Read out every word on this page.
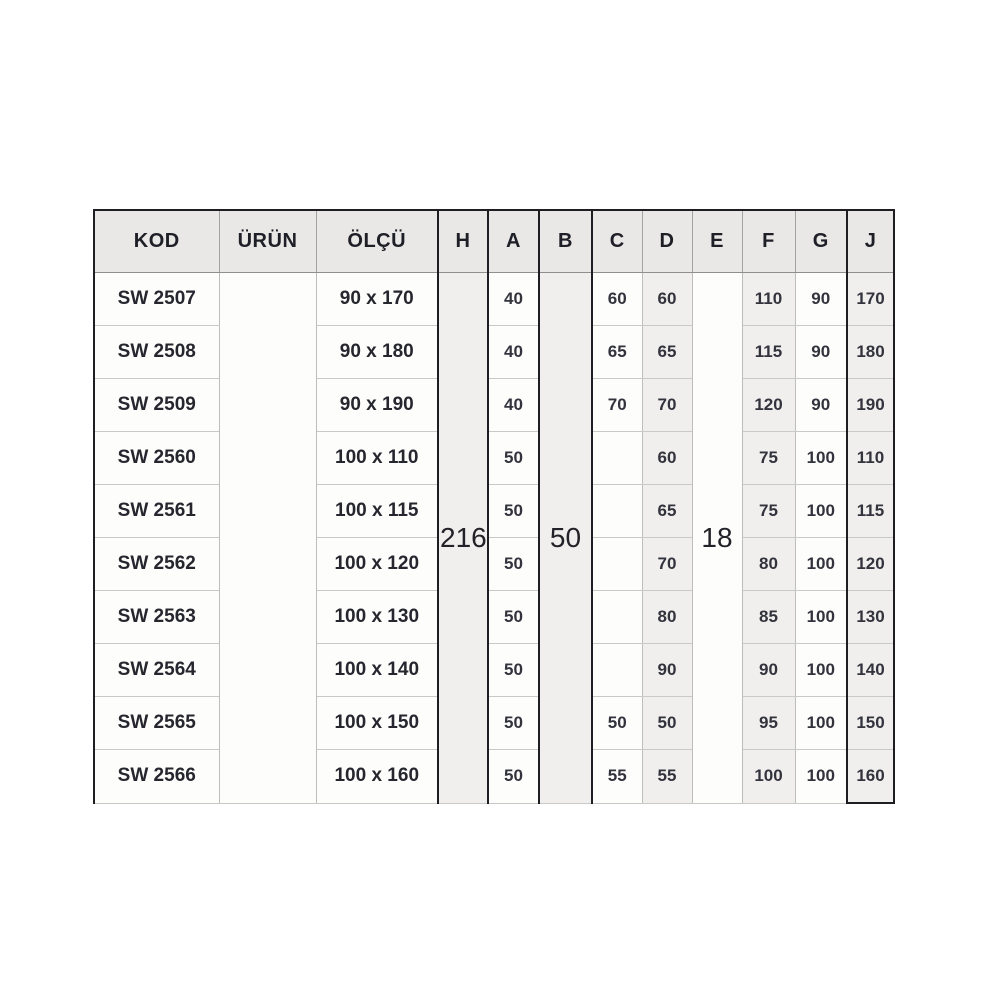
KOD	ÜRÜN	ÖLÇÜ	H	A	B	C	D	E	F	G	J
SW 2507		90 x 170	216	40	50	60	60	18	110	90	170
SW 2508		90 x 180		40		65	65		115	90	180
SW 2509		90 x 190		40		70	70		120	90	190
SW 2560		100 x 110		50			60		75	100	110
SW 2561		100 x 115		50			65		75	100	115
SW 2562		100 x 120		50			70		80	100	120
SW 2563		100 x 130		50			80		85	100	130
SW 2564		100 x 140		50			90		90	100	140
SW 2565		100 x 150		50		50	50		95	100	150
SW 2566		100 x 160		50		55	55		100	100	160
